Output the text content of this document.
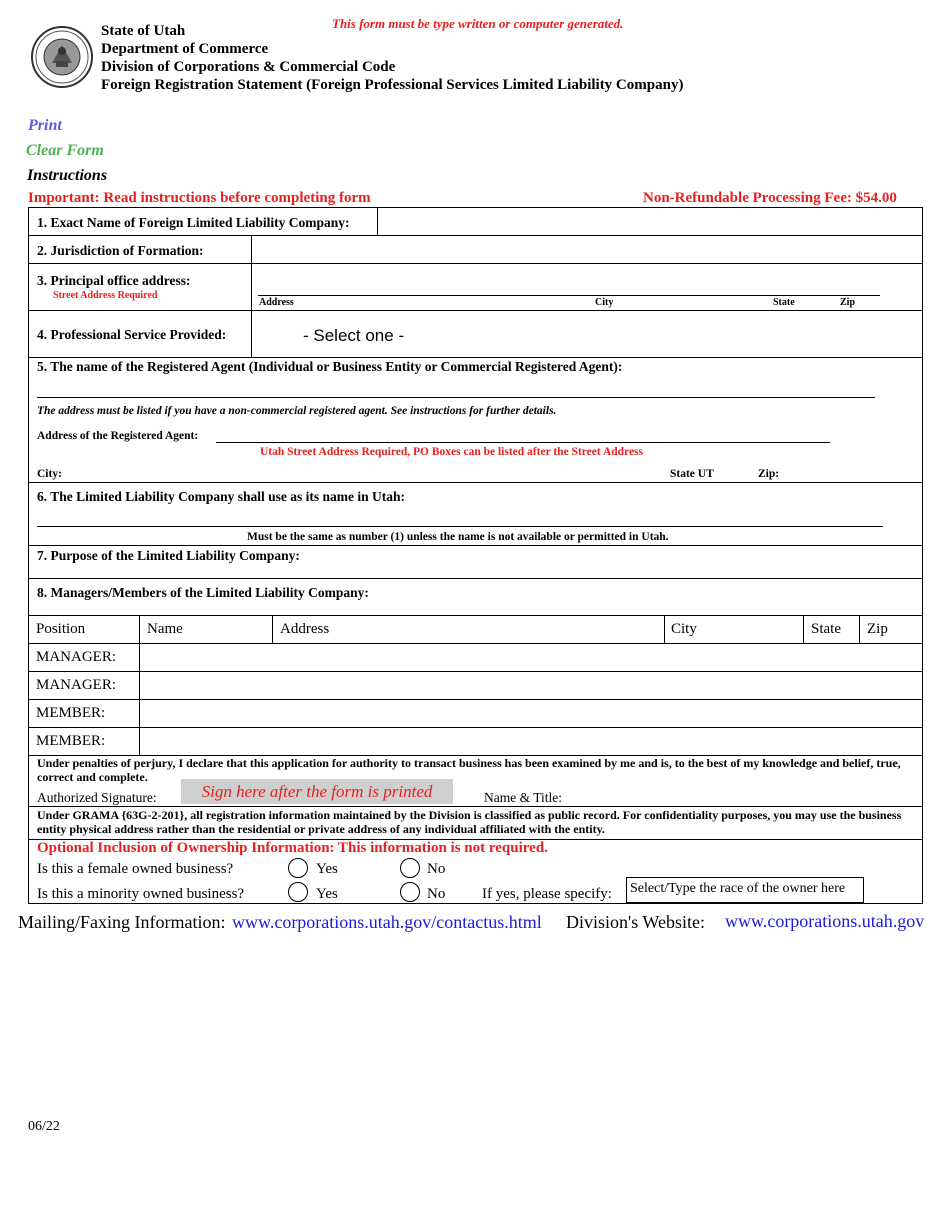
State of Utah
Department of Commerce
Division of Corporations & Commercial Code
Foreign Registration Statement (Foreign Professional Services Limited Liability Company)
This form must be type written or computer generated.
Print
Clear Form
Instructions
Important: Read instructions before completing form	Non-Refundable Processing Fee: $54.00
1. Exact Name of Foreign Limited Liability Company:
2. Jurisdiction of Formation:
3. Principal office address:
Street Address Required
Address	City	State	Zip
4. Professional Service Provided:	- Select one -
5. The name of the Registered Agent (Individual or Business Entity or Commercial Registered Agent):
The address must be listed if you have a non-commercial registered agent. See instructions for further details.
Address of the Registered Agent:
Utah Street Address Required, PO Boxes can be listed after the Street Address
City:	State UT	Zip:
6. The Limited Liability Company shall use as its name in Utah:
Must be the same as number (1) unless the name is not available or permitted in Utah.
7. Purpose of the Limited Liability Company:
8. Managers/Members of the Limited Liability Company:
Position	Name	Address	City	State Zip
MANAGER:
MANAGER:
MEMBER:
MEMBER:
Under penalties of perjury, I declare that this application for authority to transact business has been examined by me and is, to the best of my knowledge and belief, true, correct and complete.
Authorized Signature:	Sign here after the form is printed	Name & Title:
Under GRAMA {63G-2-201}, all registration information maintained by the Division is classified as public record. For confidentiality purposes, you may use the business entity physical address rather than the residential or private address of any individual affiliated with the entity.
Optional Inclusion of Ownership Information: This information is not required.
Is this a female owned business?	Yes	No
Is this a minority owned business?	Yes	No If yes, please specify: Select/Type the race of the owner here
Mailing/Faxing Information: www.corporations.utah.gov/contactus.html Division's Website: www.corporations.utah.gov
06/22
